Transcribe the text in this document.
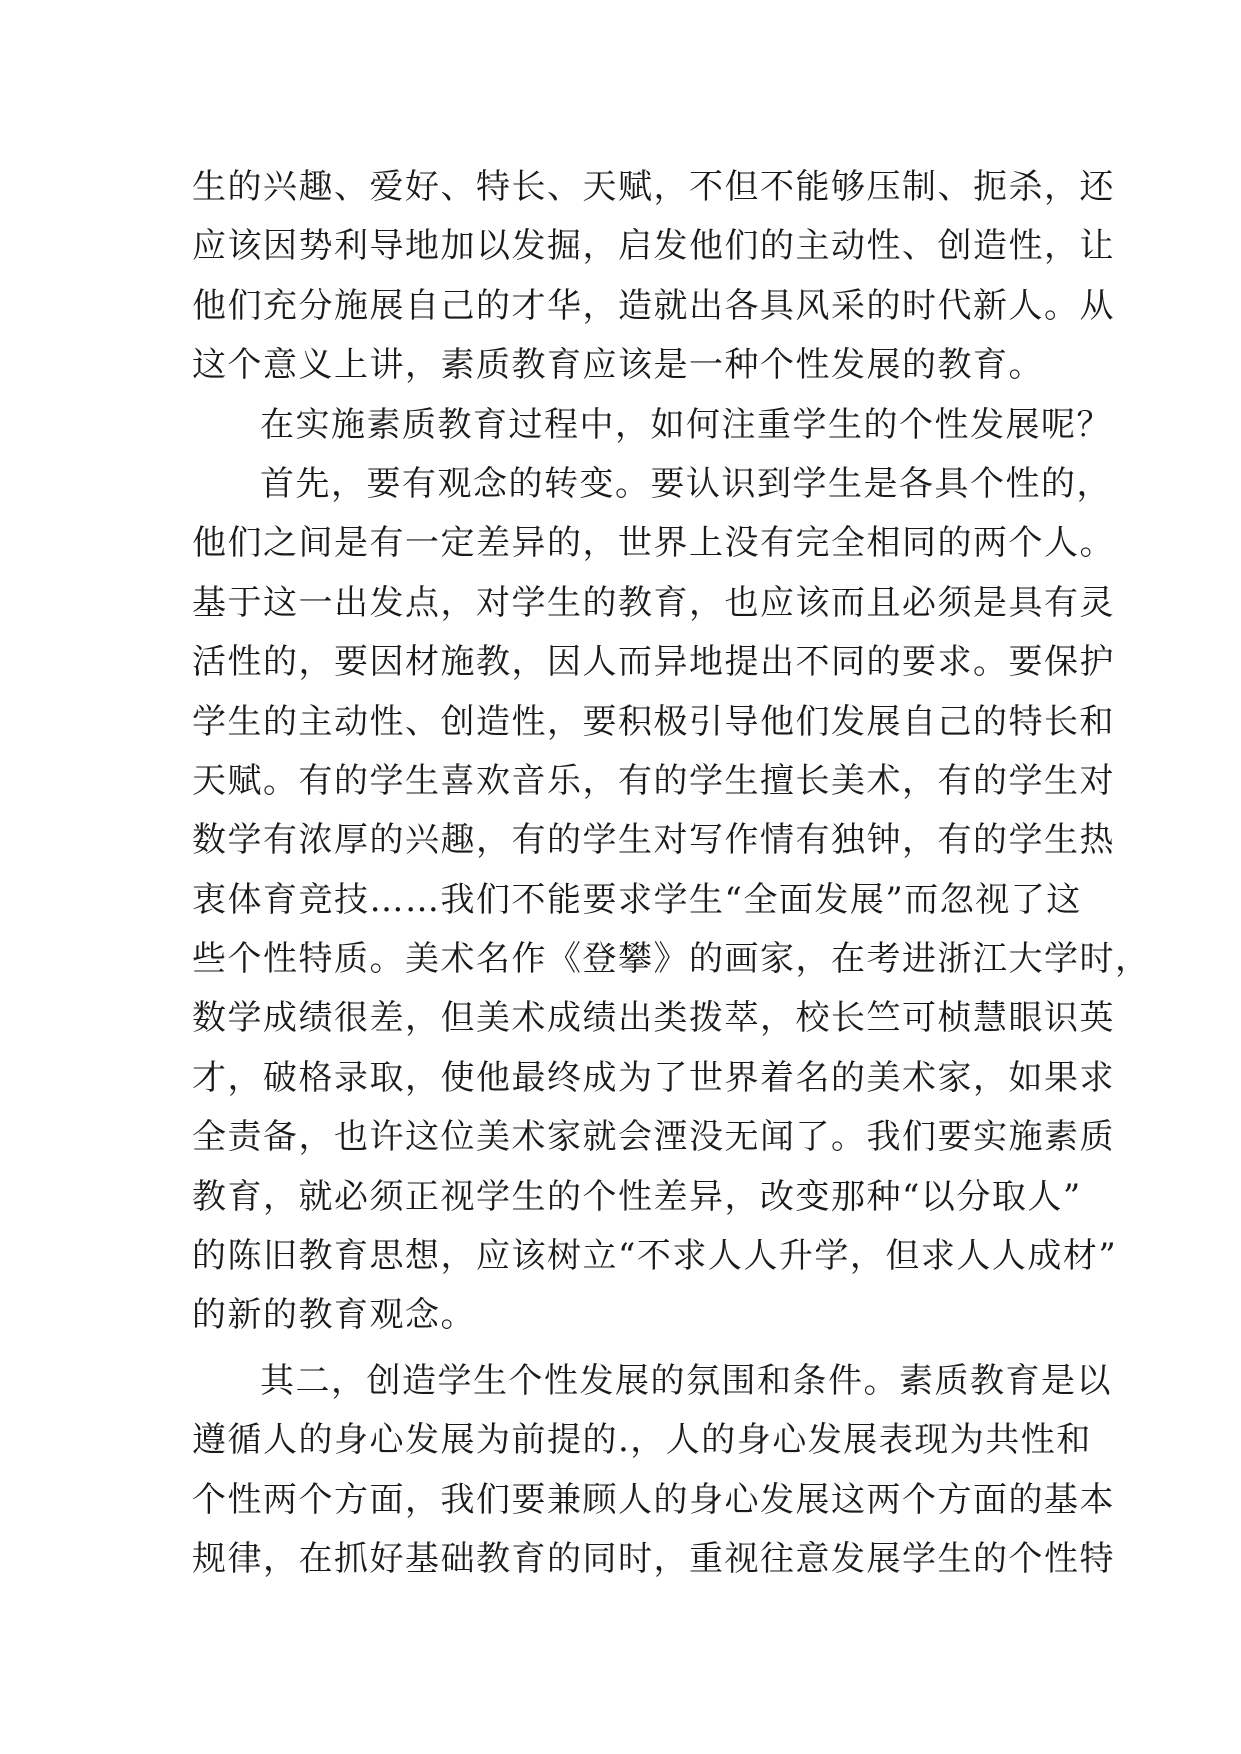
生的兴趣、爱好、特长、天赋，不但不能够压制、扼杀，还
应该因势利导地加以发掘，启发他们的主动性、创造性，让
他们充分施展自己的才华，造就出各具风采的时代新人。从
这个意义上讲，素质教育应该是一种个性发展的教育。
在实施素质教育过程中，如何注重学生的个性发展呢？
首先，要有观念的转变。要认识到学生是各具个性的，
他们之间是有一定差异的，世界上没有完全相同的两个人。
基于这一出发点，对学生的教育，也应该而且必须是具有灵
活性的，要因材施教，因人而异地提出不同的要求。要保护
学生的主动性、创造性，要积极引导他们发展自己的特长和
天赋。有的学生喜欢音乐，有的学生擅长美术，有的学生对
数学有浓厚的兴趣，有的学生对写作情有独钟，有的学生热
衷体育竞技……我们不能要求学生“全面发展”而忽视了这
些个性特质。美术名作《登攀》的画家，在考进浙江大学时，
数学成绩很差，但美术成绩出类拨萃，校长竺可桢慧眼识英
才，破格录取，使他最终成为了世界着名的美术家，如果求
全责备，也许这位美术家就会湮没无闻了。我们要实施素质
教育，就必须正视学生的个性差异，改变那种“以分取人”
的陈旧教育思想，应该树立“不求人人升学，但求人人成材”
的新的教育观念。
其二，创造学生个性发展的氛围和条件。素质教育是以
遵循人的身心发展为前提的.，人的身心发展表现为共性和
个性两个方面，我们要兼顾人的身心发展这两个方面的基本
规律，在抓好基础教育的同时，重视往意发展学生的个性特
